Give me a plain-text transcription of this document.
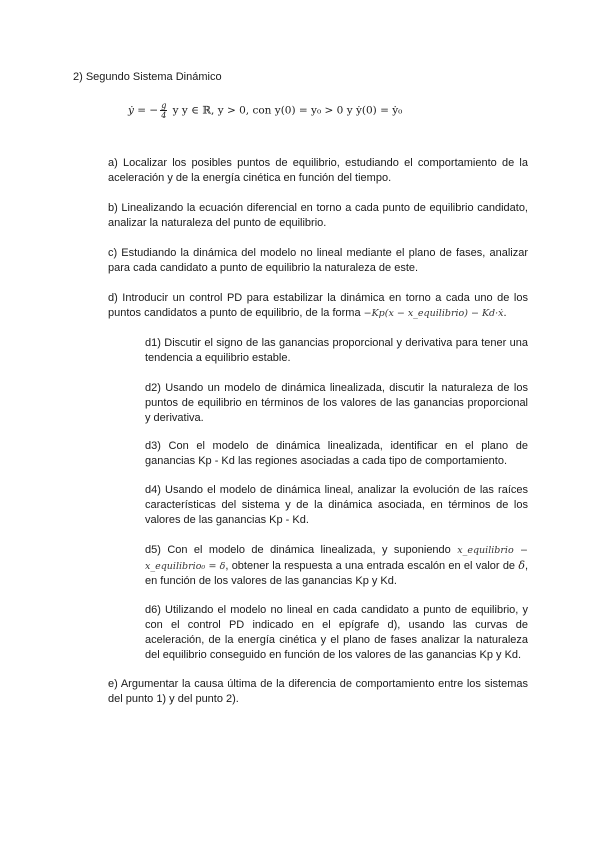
2) Segundo Sistema Dinámico
ẏ = − $\frac{g}{4}$ y y ∈ ℝ, y > 0, con y(0) = y₀ > 0 y ẏ(0) = ẏ₀

a) Localizar los posibles puntos de equilibrio, estudiando el comportamiento de la aceleración y de la energía cinética en función del tiempo.

b) Linealizando la ecuación diferencial en torno a cada punto de equilibrio candidato, analizar la naturaleza del punto de equilibrio.

c) Estudiando la dinámica del modelo no lineal mediante el plano de fases, analizar para cada candidato a punto de equilibrio la naturaleza de este.

d) Introducir un control PD para estabilizar la dinámica en torno a cada uno de los puntos candidatos a punto de equilibrio, de la forma −Kp(x − x_equilibrio) − Kd·ẋ.

d1) Discutir el signo de las ganancias proporcional y derivativa para tener una tendencia a equilibrio estable.

d2) Usando un modelo de dinámica linealizada, discutir la naturaleza de los puntos de equilibrio en términos de los valores de las ganancias proporcional y derivativa.

d3) Con el modelo de dinámica linealizada, identificar en el plano de ganancias Kp - Kd las regiones asociadas a cada tipo de comportamiento.

d4) Usando el modelo de dinámica lineal, analizar la evolución de las raíces características del sistema y de la dinámica asociada, en términos de los valores de las ganancias Kp - Kd.

d5) Con el modelo de dinámica linealizada, y suponiendo x_equilibrio − x_equilibrio₀ = δ, obtener la respuesta a una entrada escalón en el valor de δ, en función de los valores de las ganancias Kp y Kd.

d6) Utilizando el modelo no lineal en cada candidato a punto de equilibrio, y con el control PD indicado en el epígrafe d), usando las curvas de aceleración, de la energía cinética y el plano de fases analizar la naturaleza del equilibrio conseguido en función de los valores de las ganancias Kp y Kd.

e) Argumentar la causa última de la diferencia de comportamiento entre los sistemas del punto 1) y del punto 2).
